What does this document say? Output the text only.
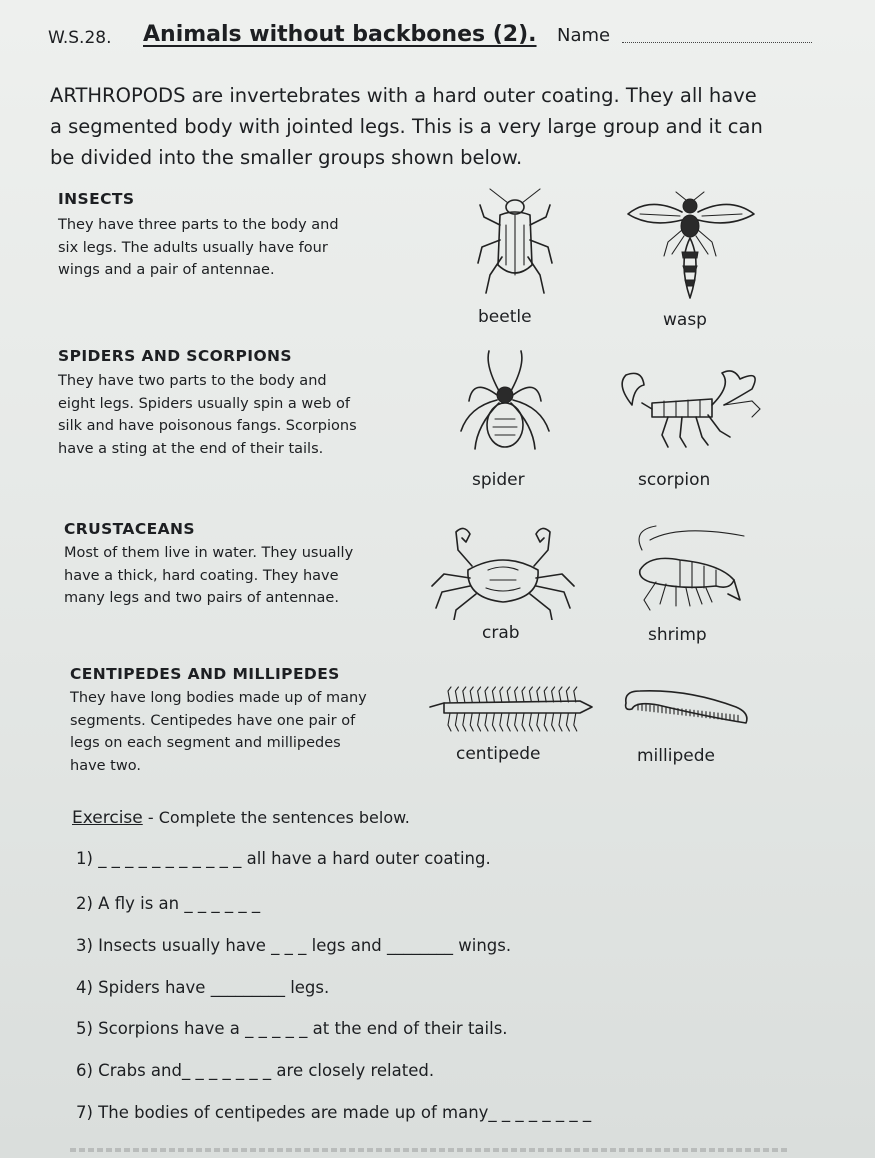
W.S.28. Animals without backbones (2). Name
ARTHROPODS are invertebrates with a hard outer coating. They all have
a segmented body with jointed legs. This is a very large group and it can
be divided into the smaller groups shown below.
INSECTS
They have three parts to the body and
six legs. The adults usually have four
wings and a pair of antennae.
beetle	wasp
SPIDERS AND SCORPIONS
They have two parts to the body and
eight legs. Spiders usually spin a web of
silk and have poisonous fangs. Scorpions
have a sting at the end of their tails.
spider	scorpion
CRUSTACEANS
Most of them live in water. They usually
have a thick, hard coating. They have
many legs and two pairs of antennae.
crab	shrimp
CENTIPEDES AND MILLIPEDES
They have long bodies made up of many
segments. Centipedes have one pair of
legs on each segment and millipedes
have two.
centipede	millipede
Exercise - Complete the sentences below.
1) _ _ _ _ _ _ _ _ _ _ _ all have a hard outer coating.
2) A fly is an _ _ _ _ _ _
3) Insects usually have _ _ _ legs and ________ wings.
4) Spiders have _________ legs.
5) Scorpions have a _ _ _ _ _ at the end of their tails.
6) Crabs and_ _ _ _ _ _ _ are closely related.
7) The bodies of centipedes are made up of many_ _ _ _ _ _ _ _
